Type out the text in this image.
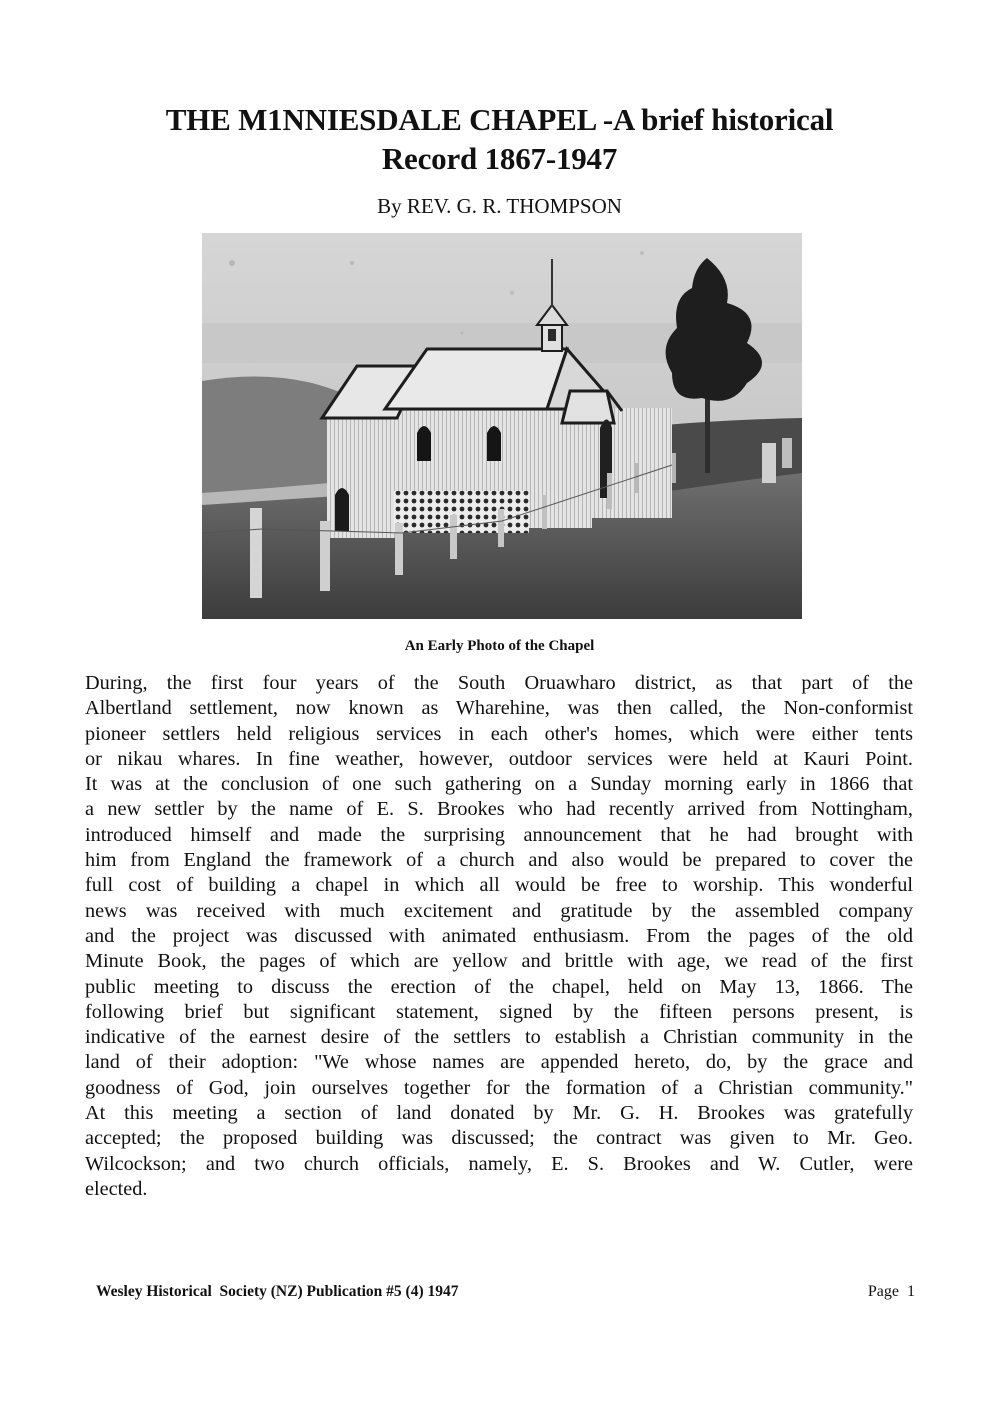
THE M1NNIESDALE CHAPEL -A brief historical
Record 1867-1947
By REV. G. R. THOMPSON
An Early Photo of the Chapel
During, the first four years of the South Oruawharo district, as that part of the
Albertland settlement, now known as Wharehine, was then called, the Non-conformist
pioneer settlers held religious services in each other's homes, which were either tents
or nikau whares. In fine weather, however, outdoor services were held at Kauri Point.
It was at the conclusion of one such gathering on a Sunday morning early in 1866 that
a new settler by the name of E. S. Brookes who had recently arrived from Nottingham,
introduced himself and made the surprising announcement that he had brought with
him from England the framework of a church and also would be prepared to cover the
full cost of building a chapel in which all would be free to worship. This wonderful
news was received with much excitement and gratitude by the assembled company
and the project was discussed with animated enthusiasm. From the pages of the old
Minute Book, the pages of which are yellow and brittle with age, we read of the first
public meeting to discuss the erection of the chapel, held on May 13, 1866. The
following brief but significant statement, signed by the fifteen persons present, is
indicative of the earnest desire of the settlers to establish a Christian community in the
land of their adoption: "We whose names are appended hereto, do, by the grace and
goodness of God, join ourselves together for the formation of a Christian community."
At this meeting a section of land donated by Mr. G. H. Brookes was gratefully
accepted; the proposed building was discussed; the contract was given to Mr. Geo.
Wilcockson; and two church officials, namely, E. S. Brookes and W. Cutler, were
elected.
Wesley Historical  Society (NZ) Publication #5 (4) 1947	Page 1
